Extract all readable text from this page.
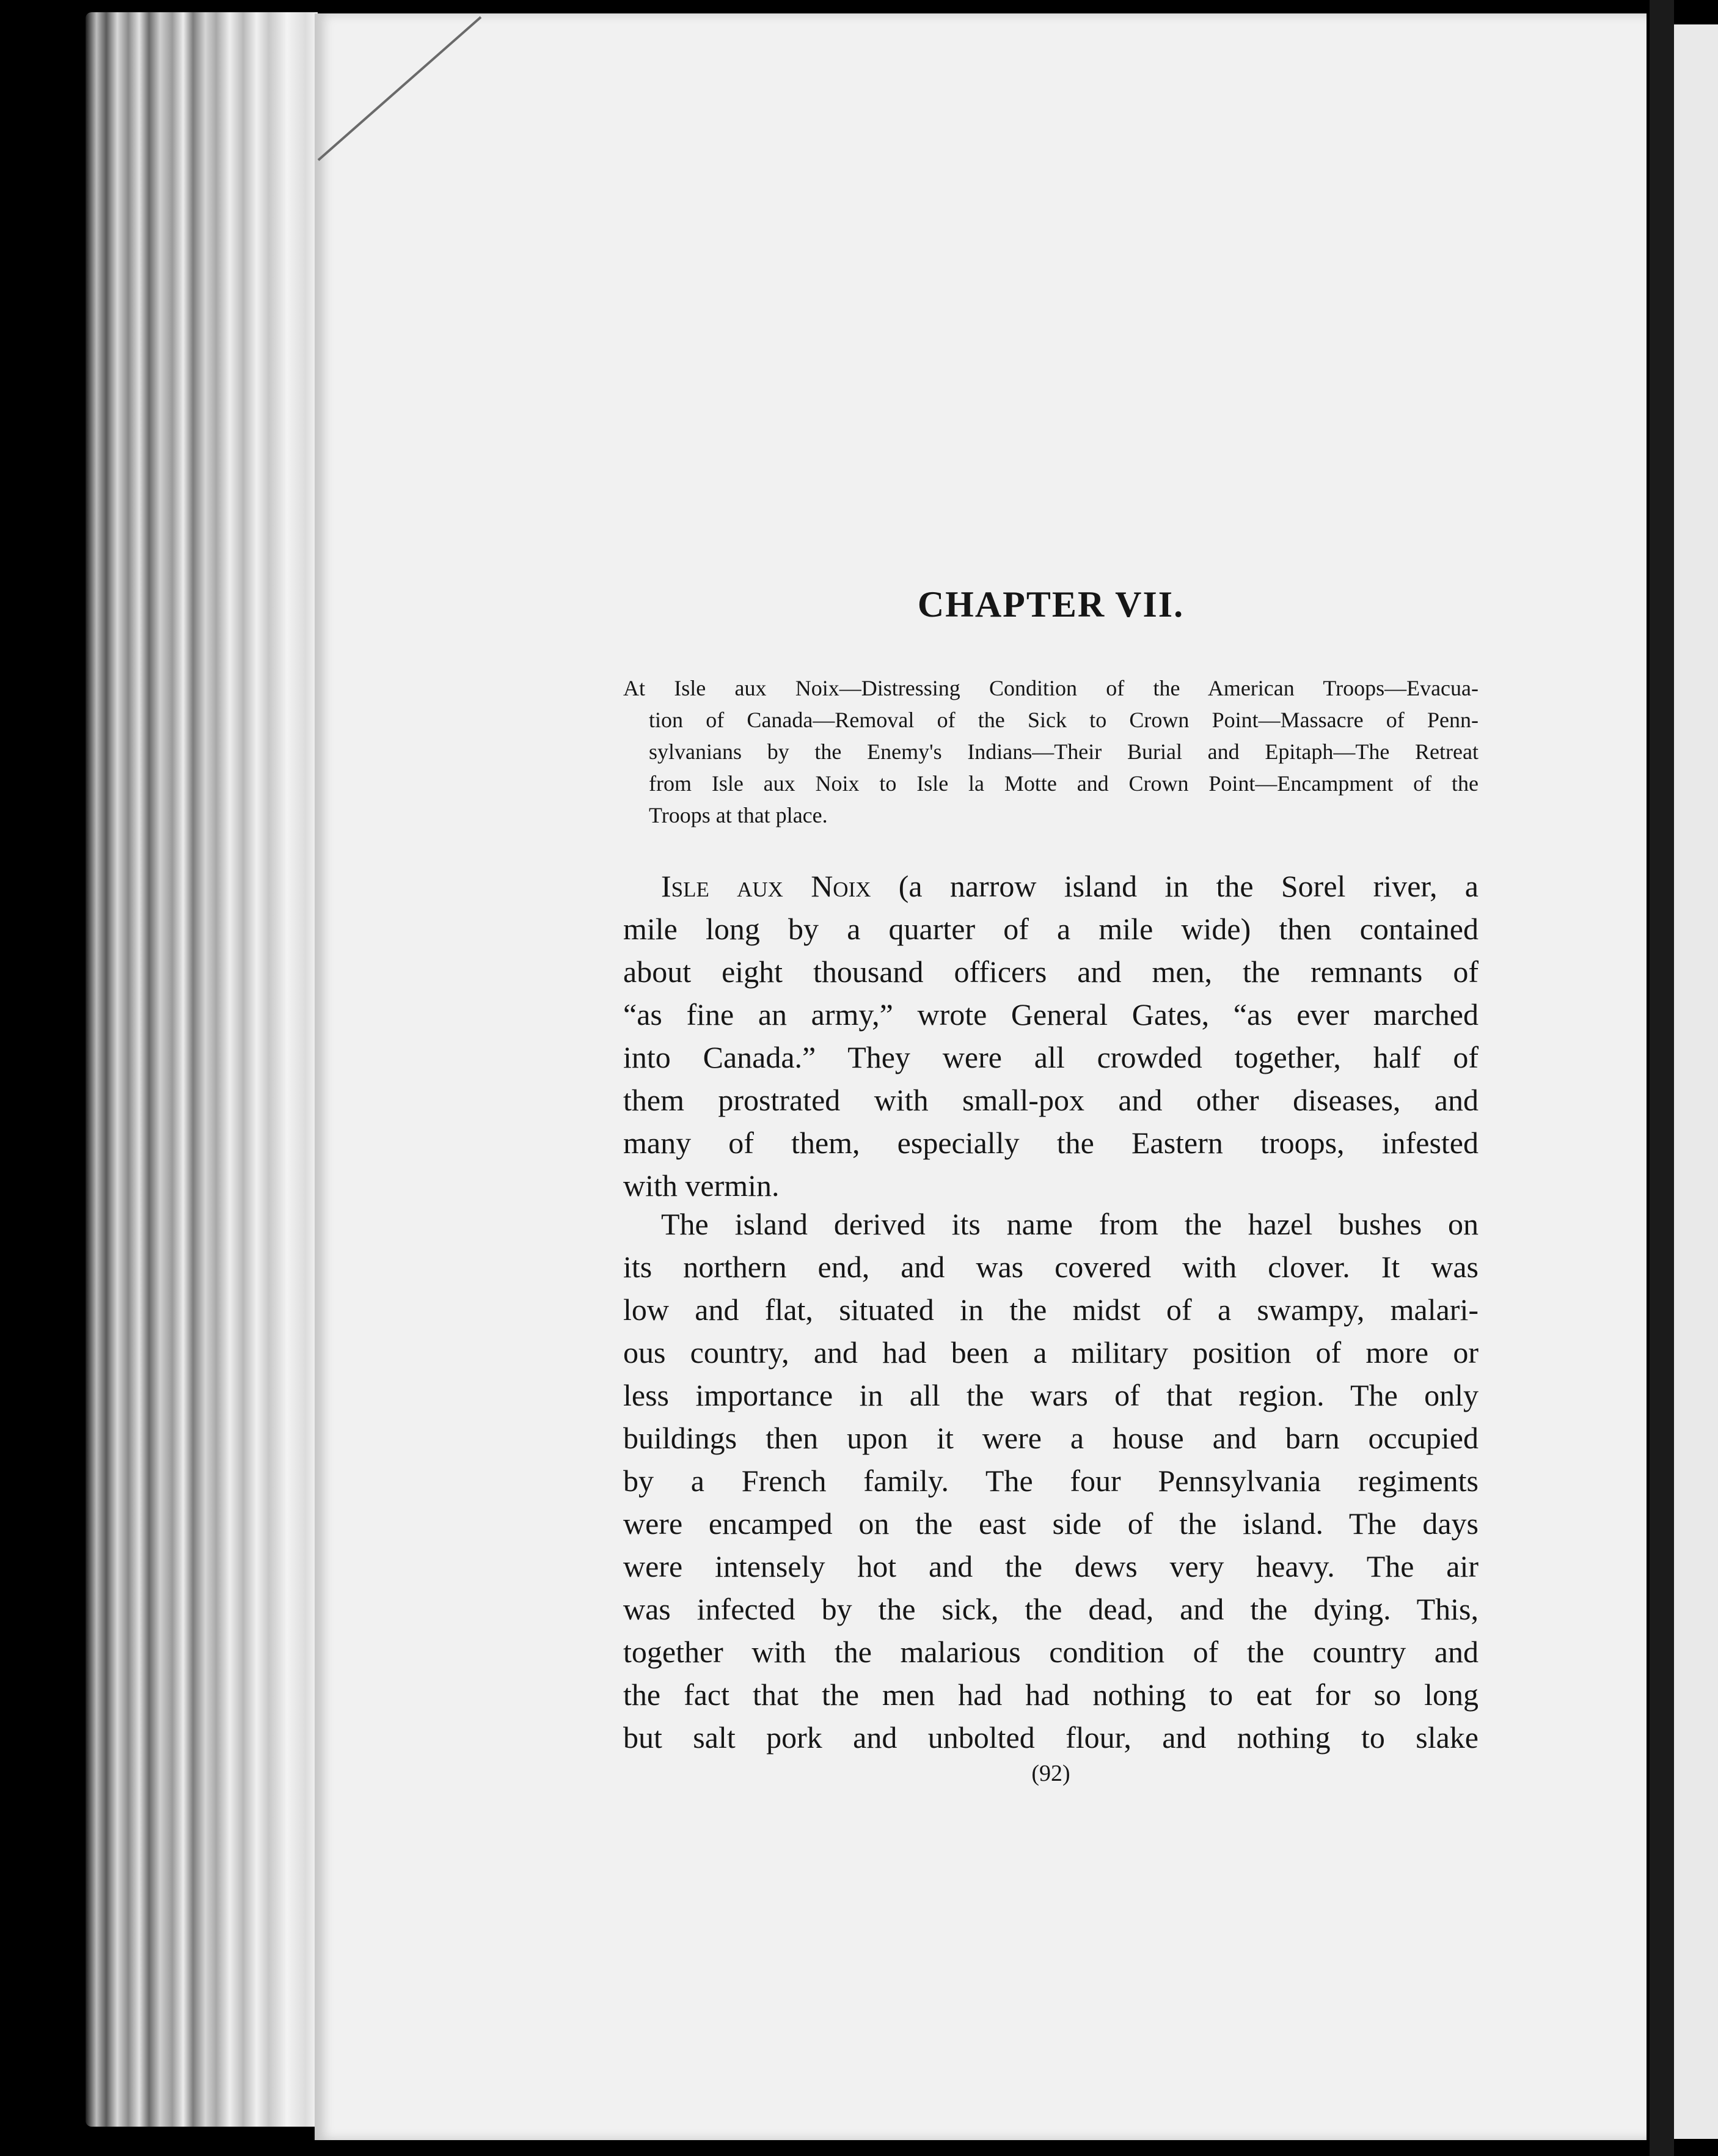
CHAPTER VII.
At Isle aux Noix—Distressing Condition of the American Troops—Evacua-
tion of Canada—Removal of the Sick to Crown Point—Massacre of Penn-
sylvanians by the Enemy's Indians—Their Burial and Epitaph—The Retreat
from Isle aux Noix to Isle la Motte and Crown Point—Encampment of the
Troops at that place.
Isle aux Noix (a narrow island in the Sorel river, a
mile long by a quarter of a mile wide) then contained
about eight thousand officers and men, the remnants of
“as fine an army,” wrote General Gates, “as ever marched
into Canada.” They were all crowded together, half of
them prostrated with small-pox and other diseases, and
many of them, especially the Eastern troops, infested
with vermin.
The island derived its name from the hazel bushes on
its northern end, and was covered with clover. It was
low and flat, situated in the midst of a swampy, malari-
ous country, and had been a military position of more or
less importance in all the wars of that region. The only
buildings then upon it were a house and barn occupied
by a French family. The four Pennsylvania regiments
were encamped on the east side of the island. The days
were intensely hot and the dews very heavy. The air
was infected by the sick, the dead, and the dying. This,
together with the malarious condition of the country and
the fact that the men had had nothing to eat for so long
but salt pork and unbolted flour, and nothing to slake

(92)
